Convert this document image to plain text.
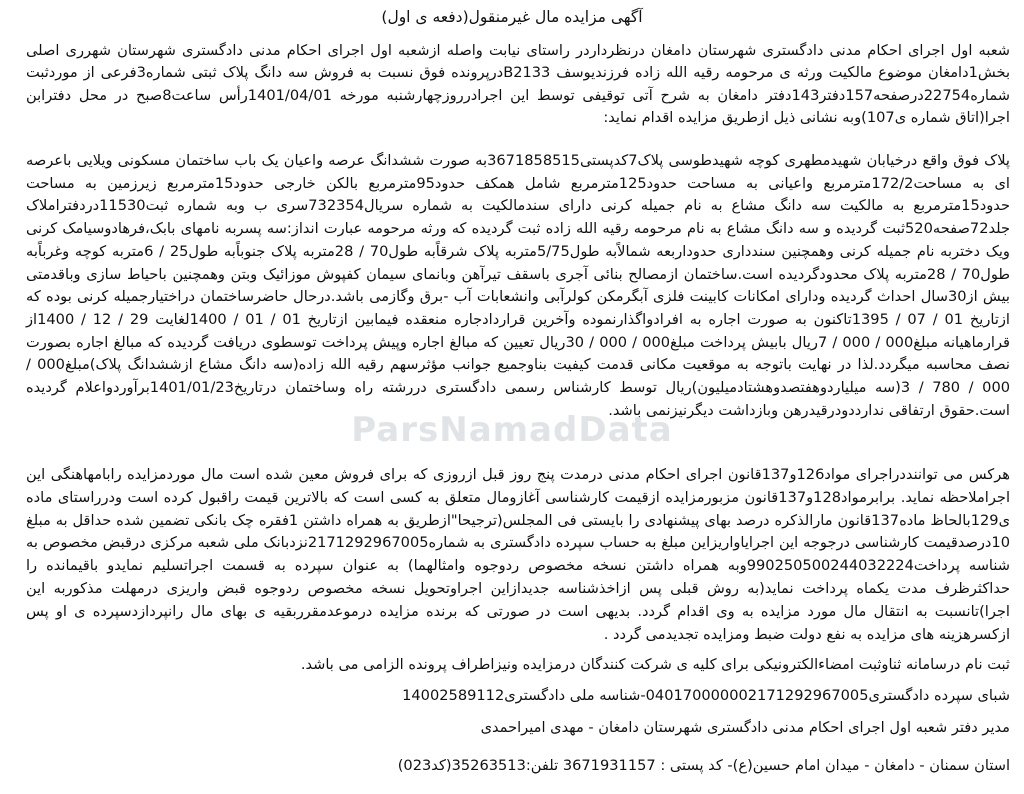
آگهی مزایده مال غیرمنقول(دفعه ی اول)
شعبه اول اجرای احکام مدنی دادگستری شهرستان دامغان درنظرداردر راستای نیابت واصله ازشعبه اول اجرای احکام مدنی دادگستری شهرستان شهرری اصلی بخش1دامغان موضوع مالکیت ورثه ی مرحومه رقیه الله زاده فرزندیوسف B2133درپرونده فوق نسبت به فروش سه دانگ پلاک ثبتی شماره3فرعی از موردثبت شماره22754درصفحه157دفتر143دفتر دامغان به شرح آتی توقیفی توسط این اجرادرروزچهارشنبه مورخه 1401/04/01رأس ساعت8صبح در محل دفترابن اجرا(اتاق شماره ی107)وبه نشانی ذیل ازطریق مزایده اقدام نماید:
پلاک فوق واقع درخیابان شهیدمطهری کوچه شهیدطوسی پلاک7کدپستی3671858515به صورت ششدانگ عرصه واعیان یک باب ساختمان مسکونی ویلایی باعرصه ای به مساحت172/2مترمربع واعیانی به مساحت حدود125مترمربع شامل همکف حدود95مترمربع بالکن خارجی حدود15مترمربع زیرزمین به مساحت حدود15مترمربع به مالکیت سه دانگ مشاع به نام جمیله کرنی دارای سندمالکیت به شماره سریال732354سری ب وبه شماره ثبت11530دردفتراملاک جلد72صفحه520ثبت گردیده و سه دانگ مشاع به نام مرحومه رقیه الله زاده ثبت گردیده که ورثه مرحومه عبارت انداز:سه پسربه نامهای بابک،فرهادوسیامک کرنی ویک دختربه نام جمیله کرنی وهمچنین سندداری حدوداربعه شمالاًبه طول5/75متربه پلاک شرقاًبه طول70 / 28متربه پلاک جنوباًبه طول25 / 6متربه کوچه وغرباًبه طول70 / 28متربه پلاک محدودگردیده است.ساختمان ازمصالح بنائی آجری باسقف تیرآهن وبانمای سیمان کفپوش موزائیک وبتن وهمچنین باحیاط سازی وباقدمتی بیش از30سال احداث گردیده ودارای امکانات کابینت فلزی آبگرمکن کولرآبی وانشعابات آب -برق وگازمی باشد.درحال حاضرساختمان دراختیارجمیله کرنی بوده که ازتاریخ 01 / 07 / 1395تاکنون به صورت اجاره به افرادواگذارنموده وآخرین قراردادجاره منعقده فیمابین ازتاریخ 01 / 01 / 1400لغایت 29 / 12 / 1400از قرارماهیانه مبلغ000 / 000 / 7ریال بابیش پرداخت مبلغ000 / 000 / 30ریال تعیین که مبالغ اجاره وپیش پرداخت توسطوی دریافت گردیده که مبالغ اجاره بصورت نصف محاسبه میگردد.لذا در نهایت باتوجه به موقعیت مکانی قدمت کیفیت بناوجمیع جوانب مؤثرسهم رقیه الله زاده(سه دانگ مشاع ازششدانگ پلاک)مبلغ000 / 000 / 780 / 3(سه میلیاردوهفتصدوهشتادمیلیون)ریال توسط کارشناس رسمی دادگستری دررشته راه وساختمان درتاریخ1401/01/23برآوردواعلام گردیده است.حقوق ارتفاقی ندارددودرقیدرهن وبازداشت دیگرنیزنمی باشد.
هرکس می تواننددراجرای مواد126و137قانون اجرای احکام مدنی درمدت پنج روز قبل ازروزی که برای فروش معین شده است مال موردمزایده رابامهاهنگی این اجراملاحظه نماید. برابرمواد128و137قانون مزبورمزایده ازقیمت کارشناسی آغازومال متعلق به کسی است که بالاترین قیمت راقبول کرده است ودرراستای ماده ی129بالحاظ ماده137قانون مارالذکره درصد بهای پیشنهادی را بایستی فی المجلس(ترجیحا"ازطریق به همراه داشتن 1فقره چک بانکی تضمین شده حداقل به مبلغ 10درصدقیمت کارشناسی درجوجه این اجرایاواریزاین مبلغ به حساب سپرده دادگستری به شماره2171292967005نزدبانک ملی شعبه مرکزی درقبض مخصوص به شناسه پرداخت990250500244032224وبه همراه داشتن نسخه مخصوص ردوجوه وامثالهما) به عنوان سپرده به قسمت اجراتسلیم نمایدو باقیمانده را حداکثرظرف مدت یکماه پرداخت نماید(به روش قبلی پس ازاخذشناسه جدیدازاین اجراوتحویل نسخه مخصوص ردوجوه قبض واریزی درمهلت مذکوربه این اجرا)تانسبت به انتقال مال مورد مزایده به وی اقدام گردد. بدیهی است در صورتی که برنده مزایده درموعدمقرربقیه ی بهای مال رانپردازدسپرده ی او پس ازکسرهزینه های مزایده به نفع دولت ضبط ومزایده تجدیدمی گردد .
ثبت نام درسامانه ثناوثبت امضاءالکترونیکی برای کلیه ی شرکت کنندگان درمزایده ونیزاطراف پرونده الزامی می باشد.
شبای سپرده دادگستری040170000002171292967005-شناسه ملی دادگستری14002589112
مدیر دفتر شعبه اول اجرای احکام مدنی دادگستری شهرستان دامغان - مهدی امیراحمدی
استان سمنان - دامغان - میدان امام حسین(ع)- کد پستی : 3671931157 تلفن:35263513(کد023)
ParsNamadData
